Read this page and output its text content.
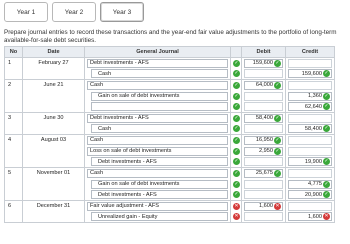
Year 1	Year 2	Year 3
Prepare journal entries to record these transactions and the year-end fair value adjustments to the portfolio of long-term available-for-sale debt securities.
No	Date	General Journal		Debit	Credit
1	February 27	Debt investments - AFS	✓	159,600 ✓	

Cash	✓		159,600 ✓

2	June 21	Cash	✓	64,000 ✓	

Gain on sale of debt investments	✓		1,360 ✓

	✓		62,640 ✓

3	June 30	Debt investments - AFS	✓	58,400 ✓	

Cash	✓		58,400 ✓

4	August 03	Cash	✓	16,950 ✓	

Loss on sale of debt investments	✓	2,950 ✓	

Debt investments - AFS	✓		19,900 ✓

5	November 01	Cash	✓	25,675 ✓	

Gain on sale of debt investments	✓		4,775 ✓

Debt investments - AFS	✓		20,900 ✓

6	December 31	Fair value adjustment - AFS	✕	1,600 ✕	

Unrealized gain - Equity	✕		1,600 ✕
